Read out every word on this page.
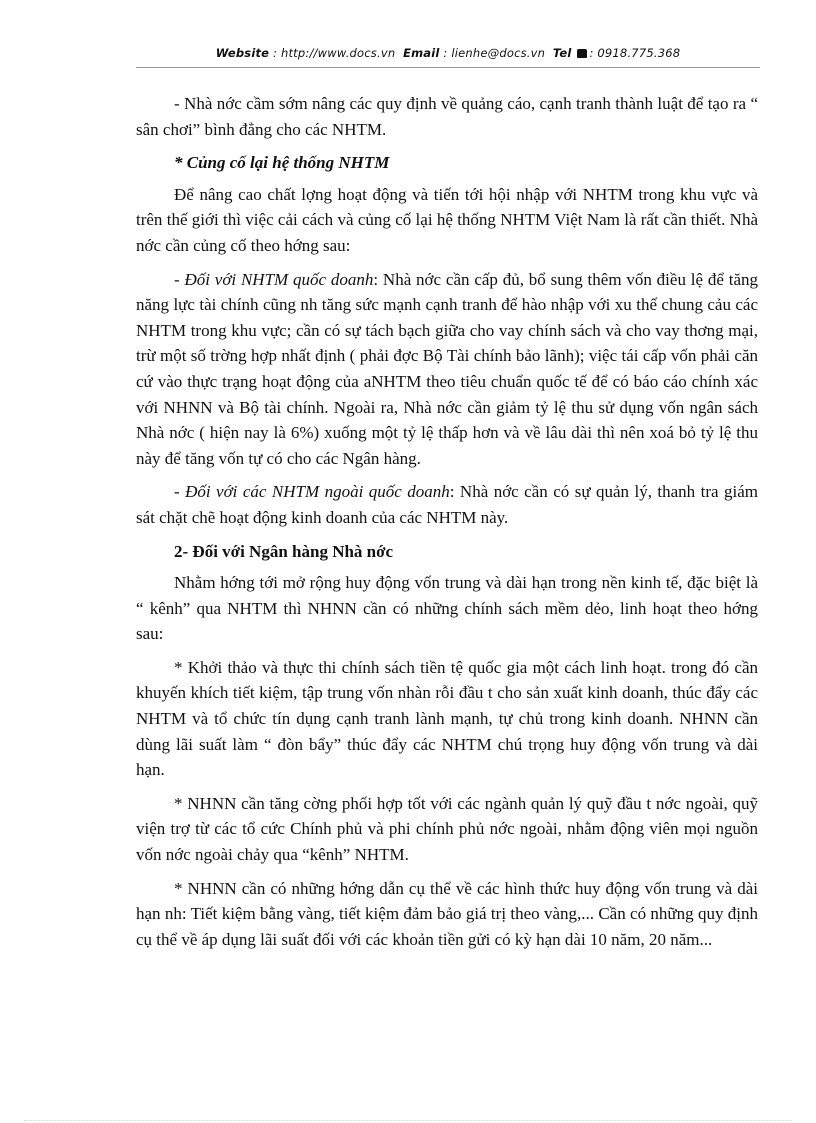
Website : http://www.docs.vn Email : lienhe@docs.vn Tel : 0918.775.368

- Nhà nớc cầm sớm nâng các quy định về quảng cáo, cạnh tranh thành luật để tạo ra “ sân chơi” bình đẳng cho các NHTM.

* Củng cố lại hệ thống NHTM

Để nâng cao chất lợng hoạt động và tiến tới hội nhập với NHTM trong khu vực và trên thế giới thì việc cải cách và củng cố lại hệ thống NHTM Việt Nam là rất cần thiết. Nhà nớc cần củng cố theo hớng sau:

- Đối với NHTM quốc doanh: Nhà nớc cần cấp đủ, bổ sung thêm vốn điều lệ để tăng năng lực tài chính cũng nh tăng sức mạnh cạnh tranh để hào nhập với xu thế chung cảu các NHTM trong khu vực; cần có sự tách bạch giữa cho vay chính sách và cho vay thơng mại, trừ một số trờng hợp nhất định ( phải đợc Bộ Tài chính bảo lãnh); việc tái cấp vốn phải căn cứ vào thực trạng hoạt động của aNHTM theo tiêu chuẩn quốc tế để có báo cáo chính xác với NHNN và Bộ tài chính. Ngoài ra, Nhà nớc cần giảm tỷ lệ thu sử dụng vốn ngân sách Nhà nớc ( hiện nay là 6%) xuống một tỷ lệ thấp hơn và về lâu dài thì nên xoá bỏ tỷ lệ thu này để tăng vốn tự có cho các Ngân hàng.

- Đối với các NHTM ngoài quốc doanh: Nhà nớc cần có sự quản lý, thanh tra giám sát chặt chẽ hoạt động kinh doanh của các NHTM này.

2- Đối với Ngân hàng Nhà nớc

Nhằm hớng tới mở rộng huy động vốn trung và dài hạn trong nền kinh tế, đặc biệt là “ kênh” qua NHTM thì NHNN cần có những chính sách mềm dẻo, linh hoạt theo hớng sau:

* Khởi thảo và thực thi chính sách tiền tệ quốc gia một cách linh hoạt. trong đó cần khuyến khích tiết kiệm, tập trung vốn nhàn rỗi đầu t cho sản xuất kinh doanh, thúc đẩy các NHTM và tổ chức tín dụng cạnh tranh lành mạnh, tự chủ trong kinh doanh. NHNN cần dùng lãi suất làm “ đòn bẩy” thúc đẩy các NHTM chú trọng huy động vốn trung và dài hạn.

* NHNN cần tăng cờng phối hợp tốt với các ngành quản lý quỹ đầu t nớc ngoài, quỹ viện trợ từ các tổ cức Chính phủ và phi chính phủ nớc ngoài, nhằm động viên mọi nguồn vốn nớc ngoài chảy qua “kênh” NHTM.

* NHNN cần có những hớng dẫn cụ thể về các hình thức huy động vốn trung và dài hạn nh: Tiết kiệm bằng vàng, tiết kiệm đảm bảo giá trị theo vàng,... Cần có những quy định cụ thể về áp dụng lãi suất đối với các khoản tiền gửi có kỳ hạn dài 10 năm, 20 năm...
